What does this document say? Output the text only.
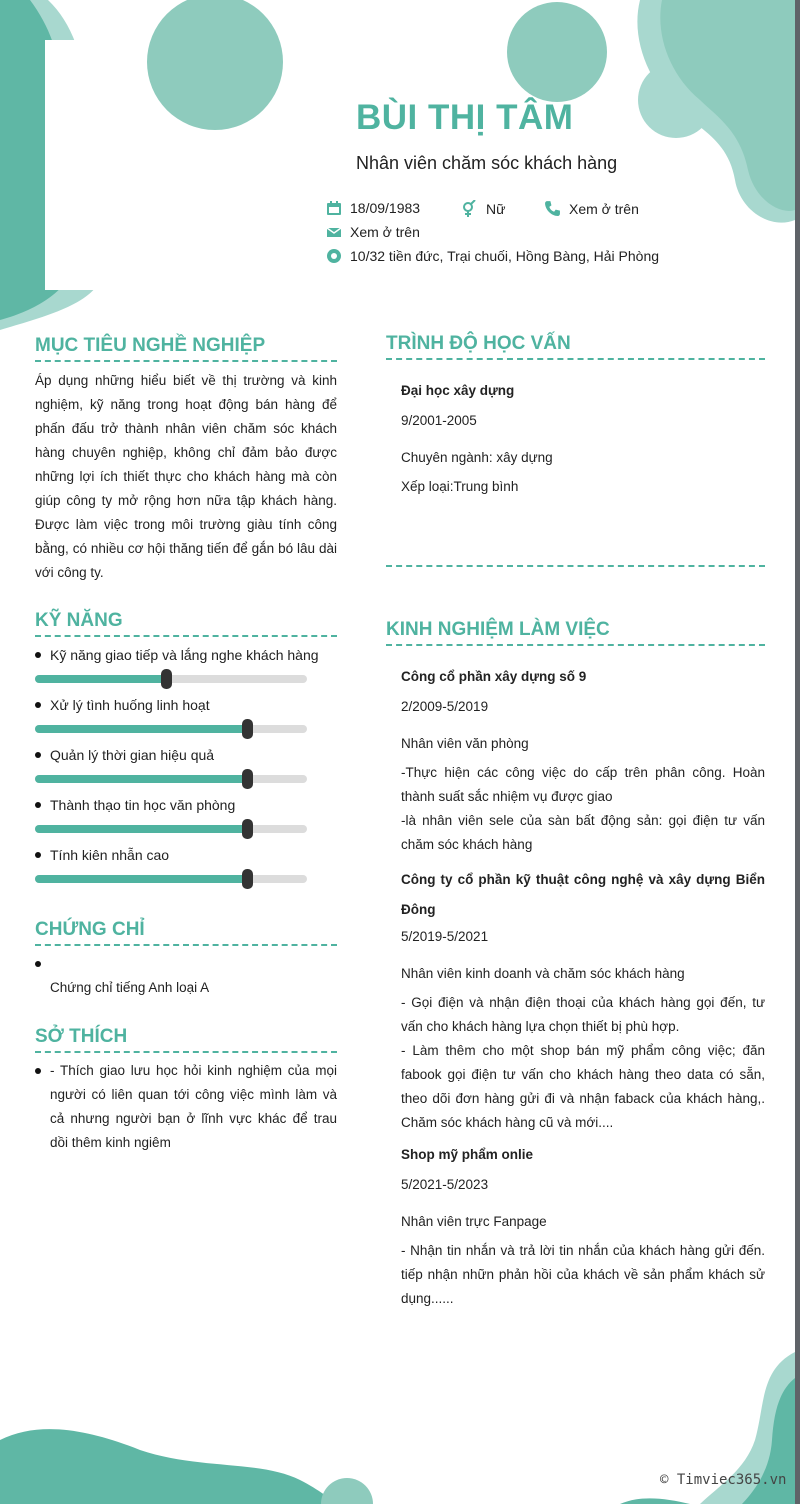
BÙI THỊ TÂM
Nhân viên chăm sóc khách hàng
18/09/1983	Nữ	Xem ở trên
Xem ở trên
10/32 tiền đức, Trại chuối, Hồng Bàng, Hải Phòng
MỤC TIÊU NGHỀ NGHIỆP
Áp dụng những hiểu biết về thị trường và kinh nghiệm, kỹ năng trong hoạt động bán hàng để phấn đấu trở thành nhân viên chăm sóc khách hàng chuyên nghiệp, không chỉ đảm bảo được những lợi ích thiết thực cho khách hàng mà còn giúp công ty mở rộng hơn nữa tập khách hàng. Được làm việc trong môi trường giàu tính công bằng, có nhiều cơ hội thăng tiến để gắn bó lâu dài với công ty.
KỸ NĂNG
Kỹ năng giao tiếp và lắng nghe khách hàng
Xử lý tình huống linh hoạt
Quản lý thời gian hiệu quả
Thành thạo tin học văn phòng
Tính kiên nhẫn cao
CHỨNG CHỈ
Chứng chỉ tiếng Anh loại A
SỞ THÍCH
- Thích giao lưu học hỏi kinh nghiệm của mọi người có liên quan tới công việc mình làm và cả nhưng người bạn ở lĩnh vực khác để trau dồi thêm kinh ngiêm
TRÌNH ĐỘ HỌC VẤN
Đại học xây dựng
9/2001-2005
Chuyên ngành: xây dựng
Xếp loại:Trung bình
KINH NGHIỆM LÀM VIỆC
Công cổ phần xây dựng số 9
2/2009-5/2019
Nhân viên văn phòng
-Thực hiện các công việc do cấp trên phân công. Hoàn thành suất sắc nhiệm vụ được giao
-là nhân viên sele của sàn bất động sản: gọi điện tư vấn chăm sóc khách hàng
Công ty cổ phần kỹ thuật công nghệ và xây dựng Biển Đông
5/2019-5/2021
Nhân viên kinh doanh và chăm sóc khách hàng
- Gọi điện và nhận điện thoại của khách hàng gọi đến, tư vấn cho khách hàng lựa chọn thiết bị phù hợp.
- Làm thêm cho một shop bán mỹ phẩm công việc; đăn fabook gọi điện tư vấn cho khách hàng theo data có sẵn, theo dõi đơn hàng gửi đi và nhận faback của khách hàng,. Chăm sóc khách hàng cũ và mới....
Shop mỹ phẩm onlie
5/2021-5/2023
Nhân viên trực Fanpage
- Nhận tin nhắn và trả lời tin nhắn của khách hàng gửi đến. tiếp nhận nhữn phản hồi của khách về sản phẩm khách sử dụng......
© Timviec365.vn
